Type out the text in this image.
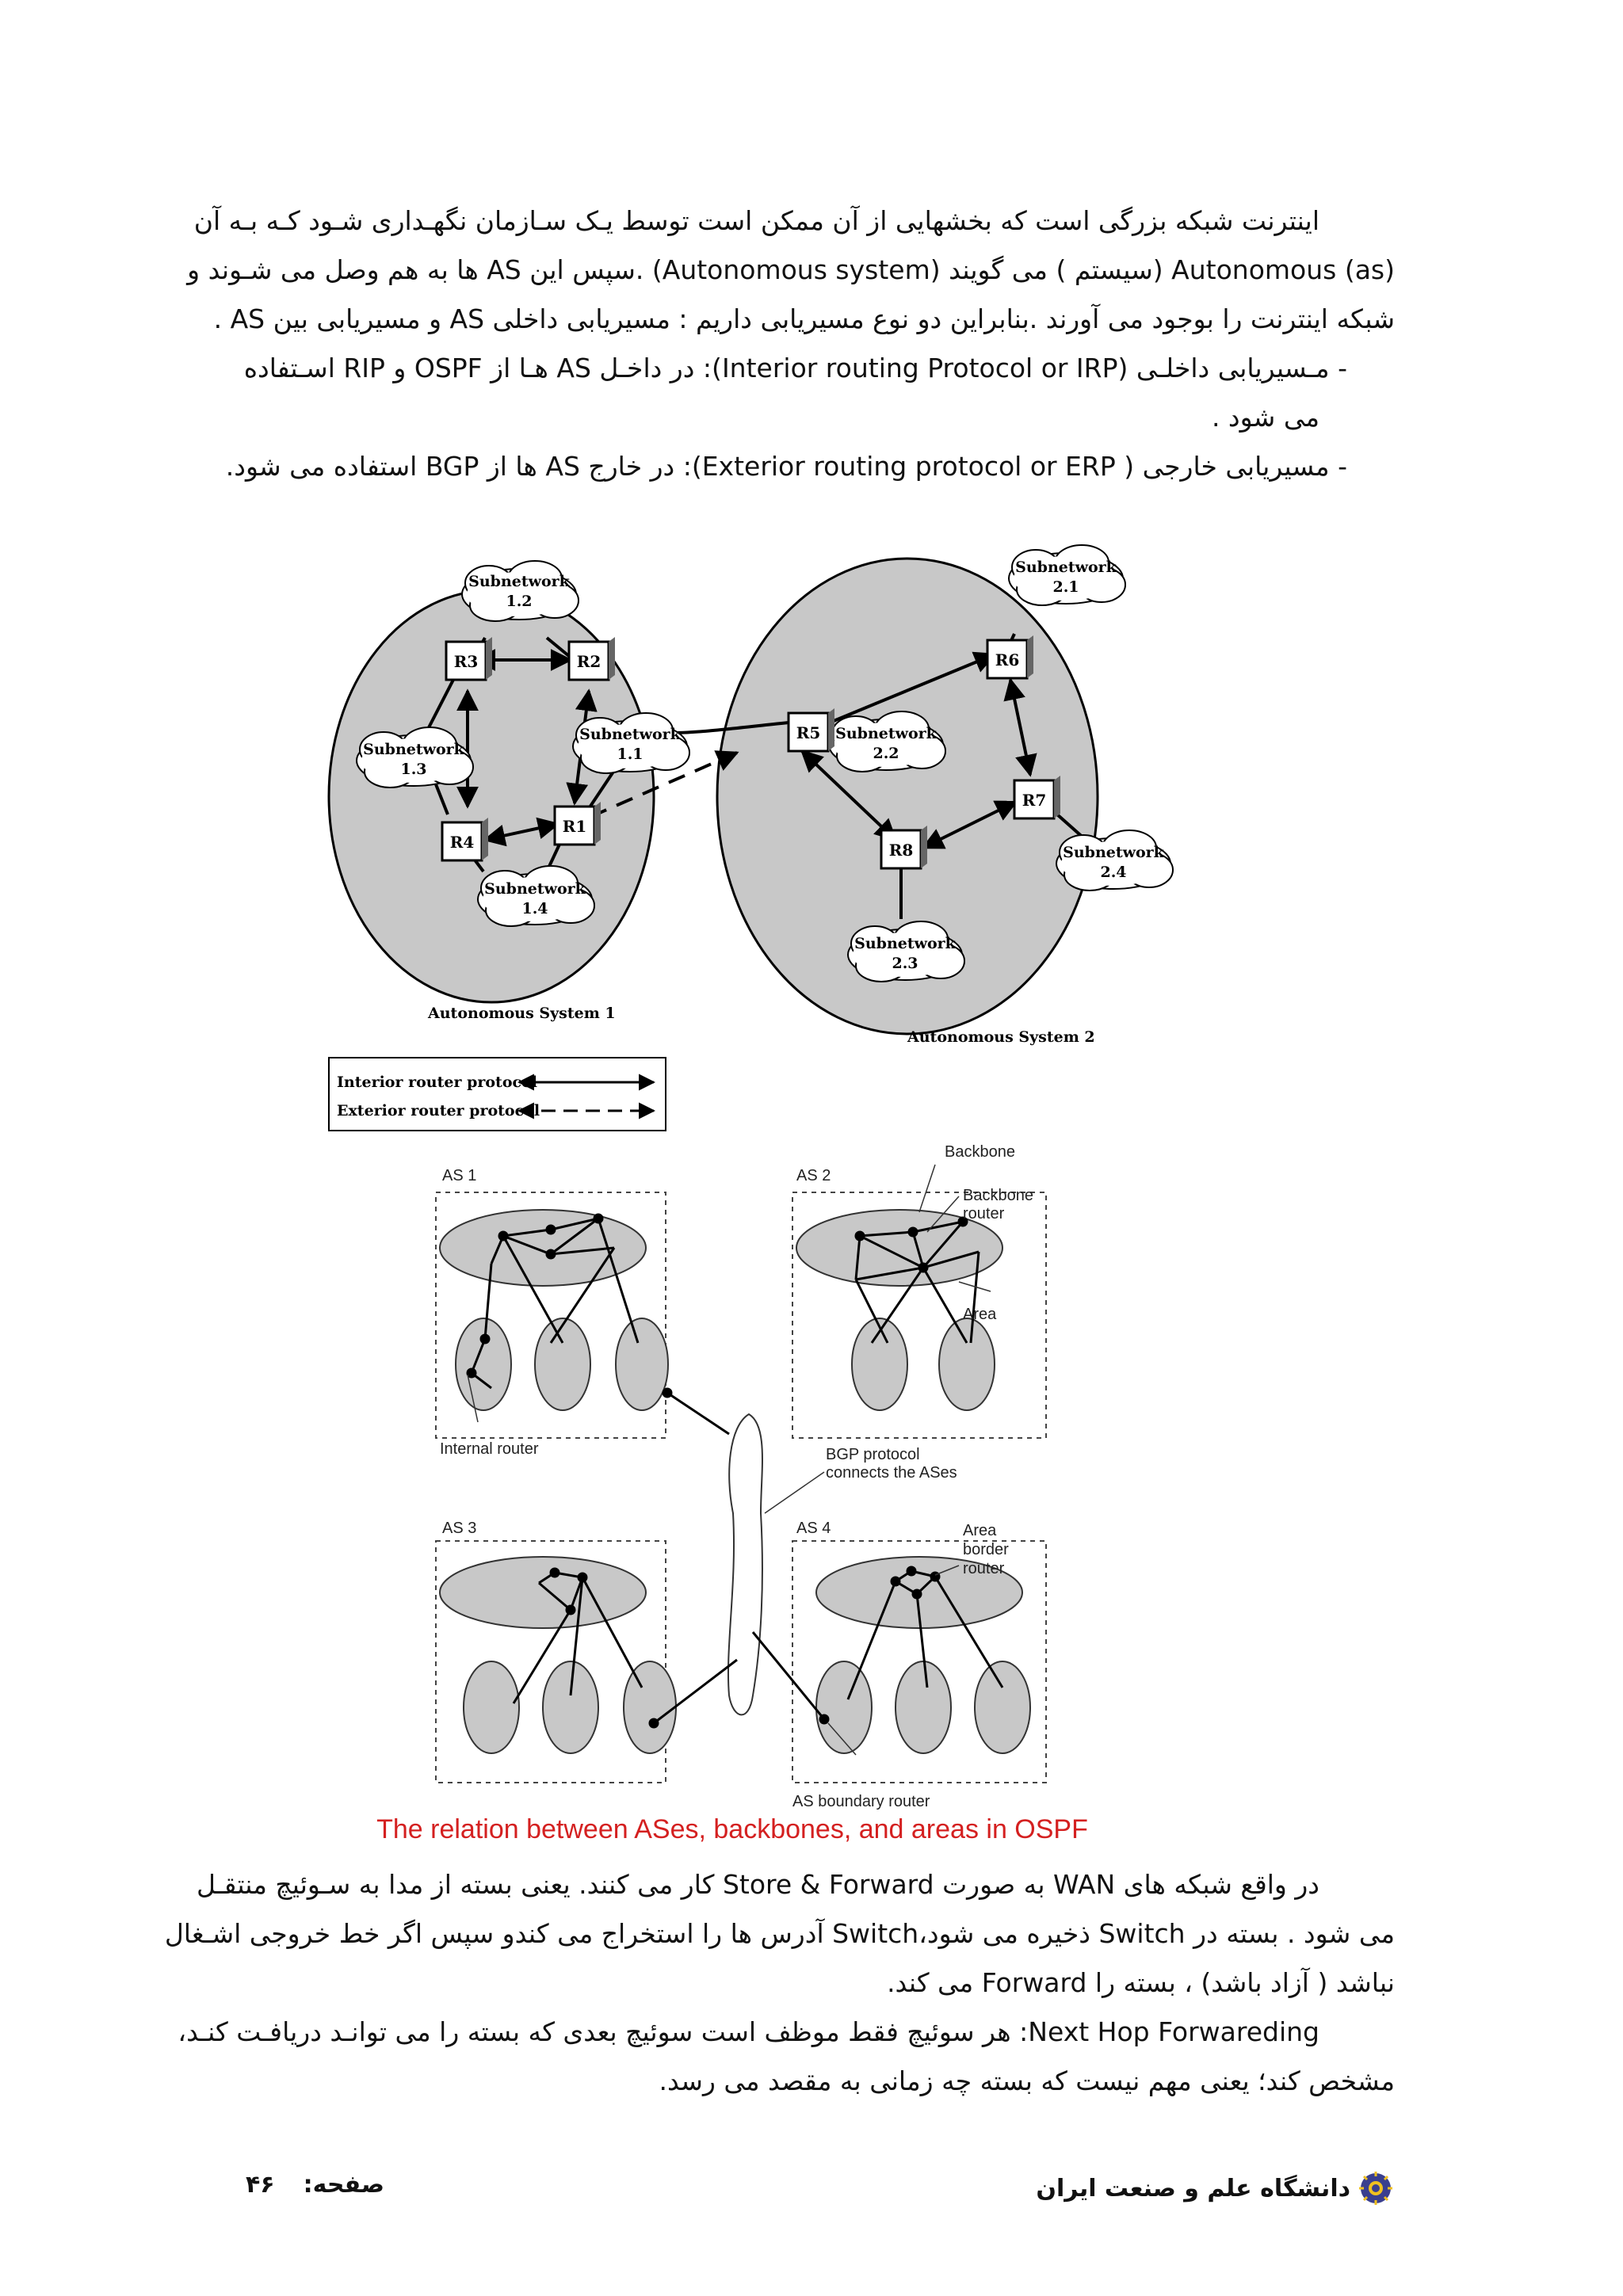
اینترنت شبکه بزرگی است که بخشهایی از آن ممکن است توسط یـک سـازمان نگهـداری شـود کـه بـه آن
Autonomous (as) (سیستم ) می گویند (Autonomous system) .سپس این AS ها به هم وصل می شـوند و
شبکه اینترنت را بوجود می آورند .بنابراین دو نوع مسیریابی داریم : مسیریابی داخلی AS و مسیریابی بین AS .
- مـسیریابی داخلـی (Interior routing Protocol or IRP): در داخـل AS هـا از OSPF و RIP اسـتفاده
می شود .
- مسیریابی خارجی ( Exterior routing protocol or ERP): در خارج AS ها از BGP استفاده می شود.
Subnetwork
1.2
Subnetwork
1.1
Subnetwork
1.3
Subnetwork
1.4
Subnetwork
2.1
Subnetwork
2.2
Subnetwork
2.4
Subnetwork
2.3
R3	R2
R1
R4
R5
R6
R7
R8
Autonomous System 1
Autonomous System 2
Interior router protocol
Exterior router protocol
AS 1	AS 2
AS 3	AS 4
Backbone
Backbone
router
Area
Internal router	BGP protocol
connects the ASes
Area
border
router
AS boundary router
The relation between ASes, backbones, and areas in OSPF
در واقع شبکه های WAN به صورت Store & Forward کار می کنند. یعنی بسته از مدا به سـوئیچ منتقـل
می شود . بسته در Switch ذخیره می شود،Switch آدرس ها را استخراج می کندو سپس اگر خط خروجی اشـغال
نباشد ( آزاد باشد) ، بسته را Forward می کند.
Next Hop Forwareding: هر سوئیچ فقط موظف است سوئیچ بعدی که بسته را می توانـد دریافـت کنـد،
مشخص کند؛ یعنی مهم نیست که بسته چه زمانی به مقصد می رسد.
دانشگاه علم و صنعت ایران
صفحه:
۴۶
